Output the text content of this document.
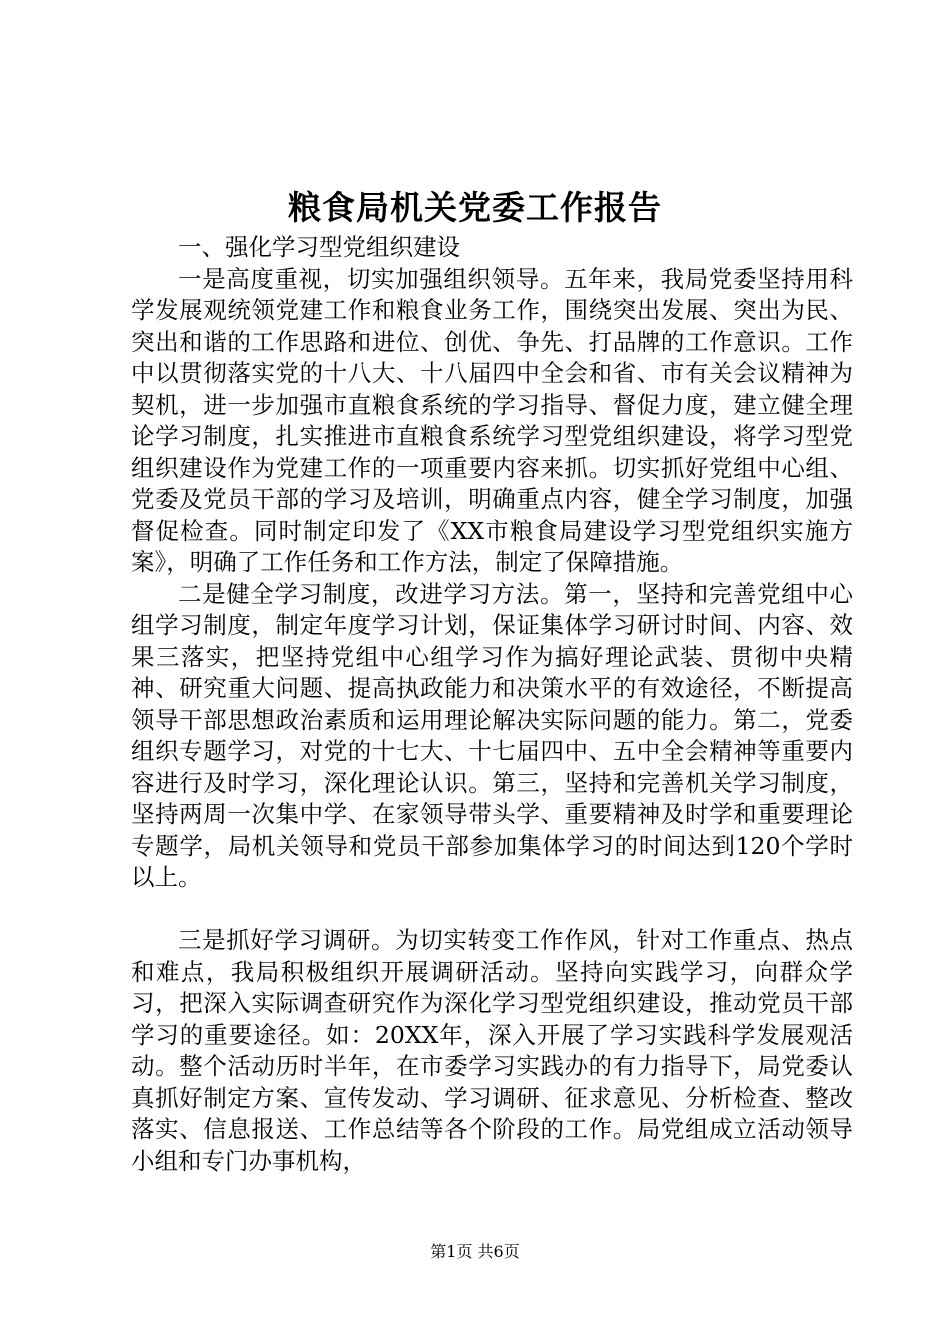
粮食局机关党委工作报告

一、强化学习型党组织建设

一是高度重视，切实加强组织领导。五年来，我局党委坚持用科学发展观统领党建工作和粮食业务工作，围绕突出发展、突出为民、突出和谐的工作思路和进位、创优、争先、打品牌的工作意识。工作中以贯彻落实党的十八大、十八届四中全会和省、市有关会议精神为契机，进一步加强市直粮食系统的学习指导、督促力度，建立健全理论学习制度，扎实推进市直粮食系统学习型党组织建设，将学习型党组织建设作为党建工作的一项重要内容来抓。切实抓好党组中心组、党委及党员干部的学习及培训，明确重点内容，健全学习制度，加强督促检查。同时制定印发了《XX市粮食局建设学习型党组织实施方案》，明确了工作任务和工作方法，制定了保障措施。

二是健全学习制度，改进学习方法。第一，坚持和完善党组中心组学习制度，制定年度学习计划，保证集体学习研讨时间、内容、效果三落实，把坚持党组中心组学习作为搞好理论武装、贯彻中央精神、研究重大问题、提高执政能力和决策水平的有效途径，不断提高领导干部思想政治素质和运用理论解决实际问题的能力。第二，党委组织专题学习，对党的十七大、十七届四中、五中全会精神等重要内容进行及时学习，深化理论认识。第三，坚持和完善机关学习制度，坚持两周一次集中学、在家领导带头学、重要精神及时学和重要理论专题学，局机关领导和党员干部参加集体学习的时间达到120个学时以上。

三是抓好学习调研。为切实转变工作作风，针对工作重点、热点和难点，我局积极组织开展调研活动。坚持向实践学习，向群众学习，把深入实际调查研究作为深化学习型党组织建设，推动党员干部学习的重要途径。如：20XX年，深入开展了学习实践科学发展观活动。整个活动历时半年，在市委学习实践办的有力指导下，局党委认真抓好制定方案、宣传发动、学习调研、征求意见、分析检查、整改落实、信息报送、工作总结等各个阶段的工作。局党组成立活动领导小组和专门办事机构，

第1页 共6页
